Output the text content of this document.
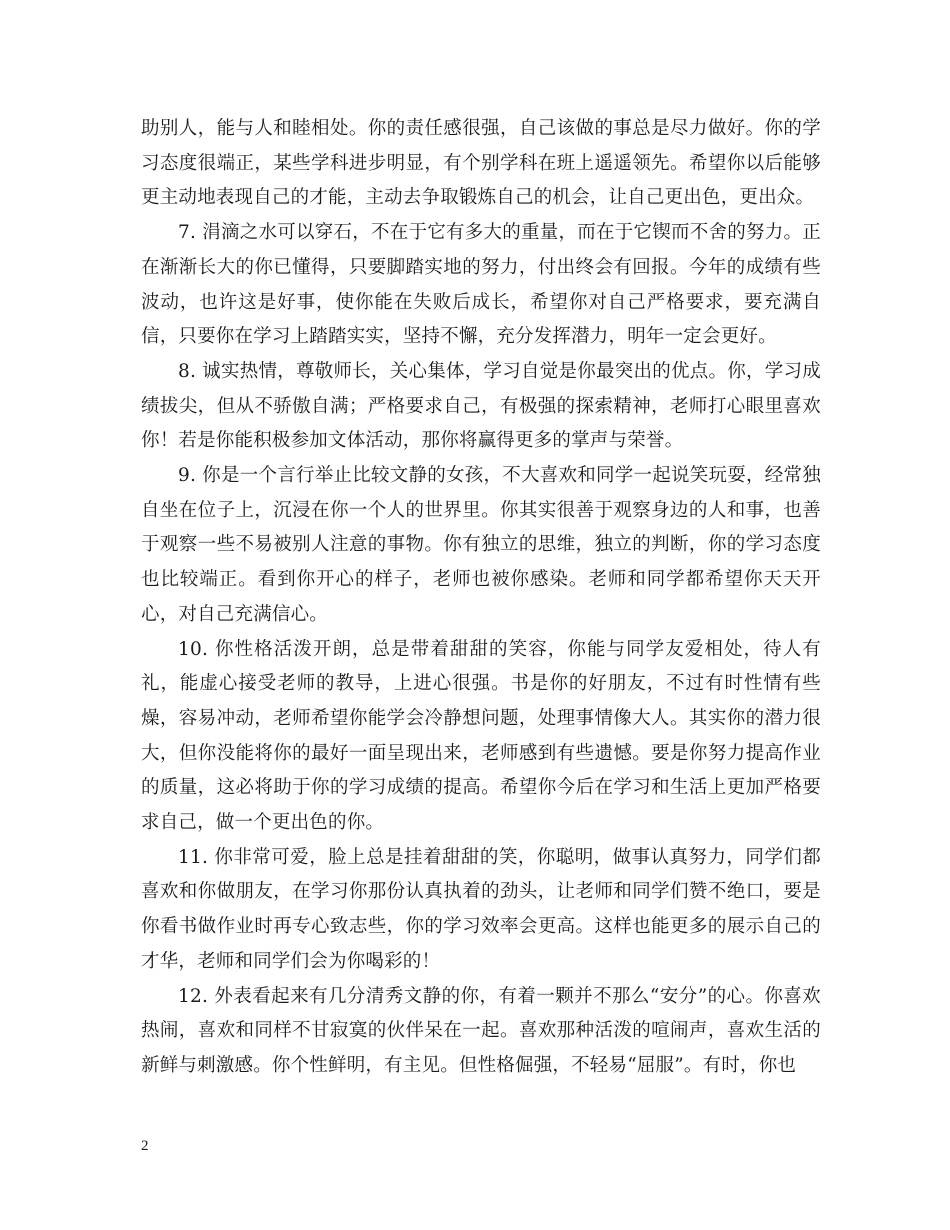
助别人，能与人和睦相处。你的责任感很强，自己该做的事总是尽力做好。你的学习态度很端正，某些学科进步明显，有个别学科在班上遥遥领先。希望你以后能够更主动地表现自己的才能，主动去争取锻炼自己的机会，让自己更出色，更出众。

7. 涓滴之水可以穿石，不在于它有多大的重量，而在于它锲而不舍的努力。正在渐渐长大的你已懂得，只要脚踏实地的努力，付出终会有回报。今年的成绩有些波动，也许这是好事，使你能在失败后成长，希望你对自己严格要求，要充满自信，只要你在学习上踏踏实实，坚持不懈，充分发挥潜力，明年一定会更好。

8. 诚实热情，尊敬师长，关心集体，学习自觉是你最突出的优点。你，学习成绩拔尖，但从不骄傲自满；严格要求自己，有极强的探索精神，老师打心眼里喜欢你！若是你能积极参加文体活动，那你将赢得更多的掌声与荣誉。

9. 你是一个言行举止比较文静的女孩，不大喜欢和同学一起说笑玩耍，经常独自坐在位子上，沉浸在你一个人的世界里。你其实很善于观察身边的人和事，也善于观察一些不易被别人注意的事物。你有独立的思维，独立的判断，你的学习态度也比较端正。看到你开心的样子，老师也被你感染。老师和同学都希望你天天开心，对自己充满信心。

10. 你性格活泼开朗，总是带着甜甜的笑容，你能与同学友爱相处，待人有礼，能虚心接受老师的教导，上进心很强。书是你的好朋友，不过有时性情有些燥，容易冲动，老师希望你能学会冷静想问题，处理事情像大人。其实你的潜力很大，但你没能将你的最好一面呈现出来，老师感到有些遗憾。要是你努力提高作业的质量，这必将助于你的学习成绩的提高。希望你今后在学习和生活上更加严格要求自己，做一个更出色的你。

11. 你非常可爱，脸上总是挂着甜甜的笑，你聪明，做事认真努力，同学们都喜欢和你做朋友，在学习你那份认真执着的劲头，让老师和同学们赞不绝口，要是你看书做作业时再专心致志些，你的学习效率会更高。这样也能更多的展示自己的才华，老师和同学们会为你喝彩的！

12. 外表看起来有几分清秀文静的你，有着一颗并不那么“安分”的心。你喜欢热闹，喜欢和同样不甘寂寞的伙伴呆在一起。喜欢那种活泼的喧闹声，喜欢生活的新鲜与刺激感。你个性鲜明，有主见。但性格倔强，不轻易“屈服”。有时，你也

2
